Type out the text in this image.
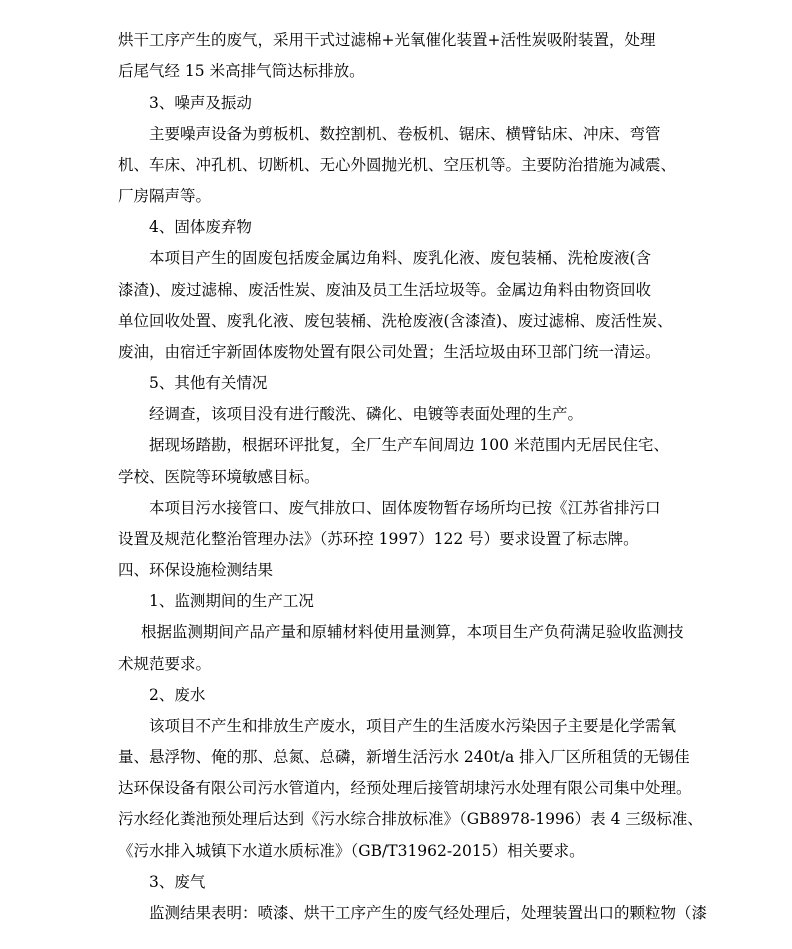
烘干工序产生的废气，采用干式过滤棉+光氧催化装置+活性炭吸附装置，处理
后尾气经 15 米高排气筒达标排放。
3、噪声及振动
主要噪声设备为剪板机、数控割机、卷板机、锯床、横臂钻床、冲床、弯管
机、车床、冲孔机、切断机、无心外圆抛光机、空压机等。主要防治措施为减震、
厂房隔声等。
4、固体废弃物
本项目产生的固废包括废金属边角料、废乳化液、废包装桶、洗枪废液(含
漆渣)、废过滤棉、废活性炭、废油及员工生活垃圾等。金属边角料由物资回收
单位回收处置、废乳化液、废包装桶、洗枪废液(含漆渣)、废过滤棉、废活性炭、
废油，由宿迁宇新固体废物处置有限公司处置；生活垃圾由环卫部门统一清运。
5、其他有关情况
经调查，该项目没有进行酸洗、磷化、电镀等表面处理的生产。
据现场踏勘，根据环评批复，全厂生产车间周边 100 米范围内无居民住宅、
学校、医院等环境敏感目标。
本项目污水接管口、废气排放口、固体废物暂存场所均已按《江苏省排污口
设置及规范化整治管理办法》（苏环控 1997）122 号）要求设置了标志牌。
四、环保设施检测结果
1、监测期间的生产工况
根据监测期间产品产量和原辅材料使用量测算，本项目生产负荷满足验收监测技
术规范要求。
2、废水
该项目不产生和排放生产废水，项目产生的生活废水污染因子主要是化学需氧
量、悬浮物、俺的那、总氮、总磷，新增生活污水 240t/a 排入厂区所租赁的无锡佳
达环保设备有限公司污水管道内，经预处理后接管胡埭污水处理有限公司集中处理。
污水经化粪池预处理后达到《污水综合排放标准》（GB8978-1996）表 4 三级标准、
《污水排入城镇下水道水质标准》（GB/T31962-2015）相关要求。
3、废气
监测结果表明：喷漆、烘干工序产生的废气经处理后，处理装置出口的颗粒物（漆
